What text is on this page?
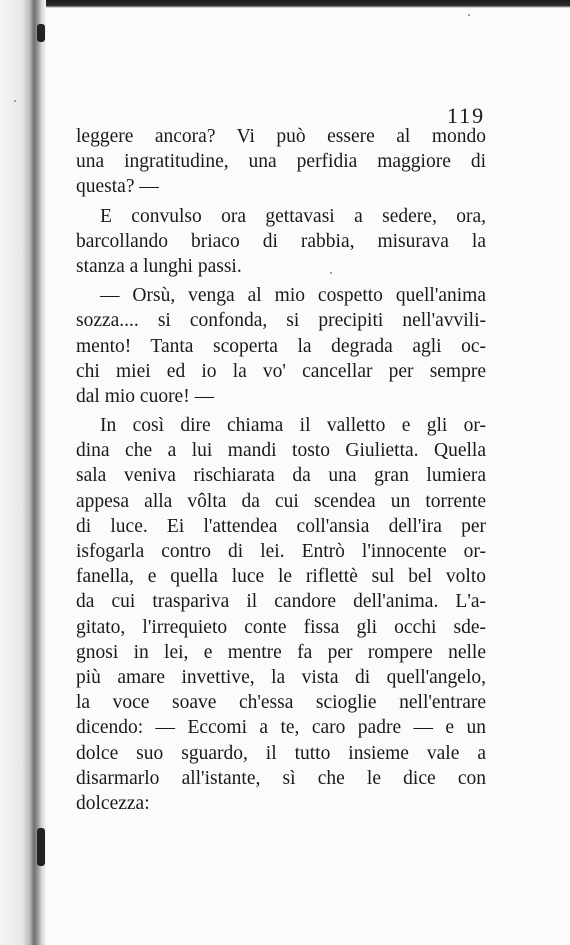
119
leggere ancora? Vi può essere al mondo
una ingratitudine, una perfidia maggiore di
questa? —
E convulso ora gettavasi a sedere, ora,
barcollando briaco di rabbia, misurava la
stanza a lunghi passi.
— Orsù, venga al mio cospetto quell'anima
sozza.... si confonda, si precipiti nell'avvili-
mento! Tanta scoperta la degrada agli oc-
chi miei ed io la vo' cancellar per sempre
dal mio cuore! —
In così dire chiama il valletto e gli or-
dina che a lui mandi tosto Giulietta. Quella
sala veniva rischiarata da una gran lumiera
appesa alla vôlta da cui scendea un torrente
di luce. Ei l'attendea coll'ansia dell'ira per
isfogarla contro di lei. Entrò l'innocente or-
fanella, e quella luce le riflettè sul bel volto
da cui traspariva il candore dell'anima. L'a-
gitato, l'irrequieto conte fissa gli occhi sde-
gnosi in lei, e mentre fa per rompere nelle
più amare invettive, la vista di quell'angelo,
la voce soave ch'essa scioglie nell'entrare
dicendo: — Eccomi a te, caro padre — e un
dolce suo sguardo, il tutto insieme vale a
disarmarlo all'istante, sì che le dice con
dolcezza:
